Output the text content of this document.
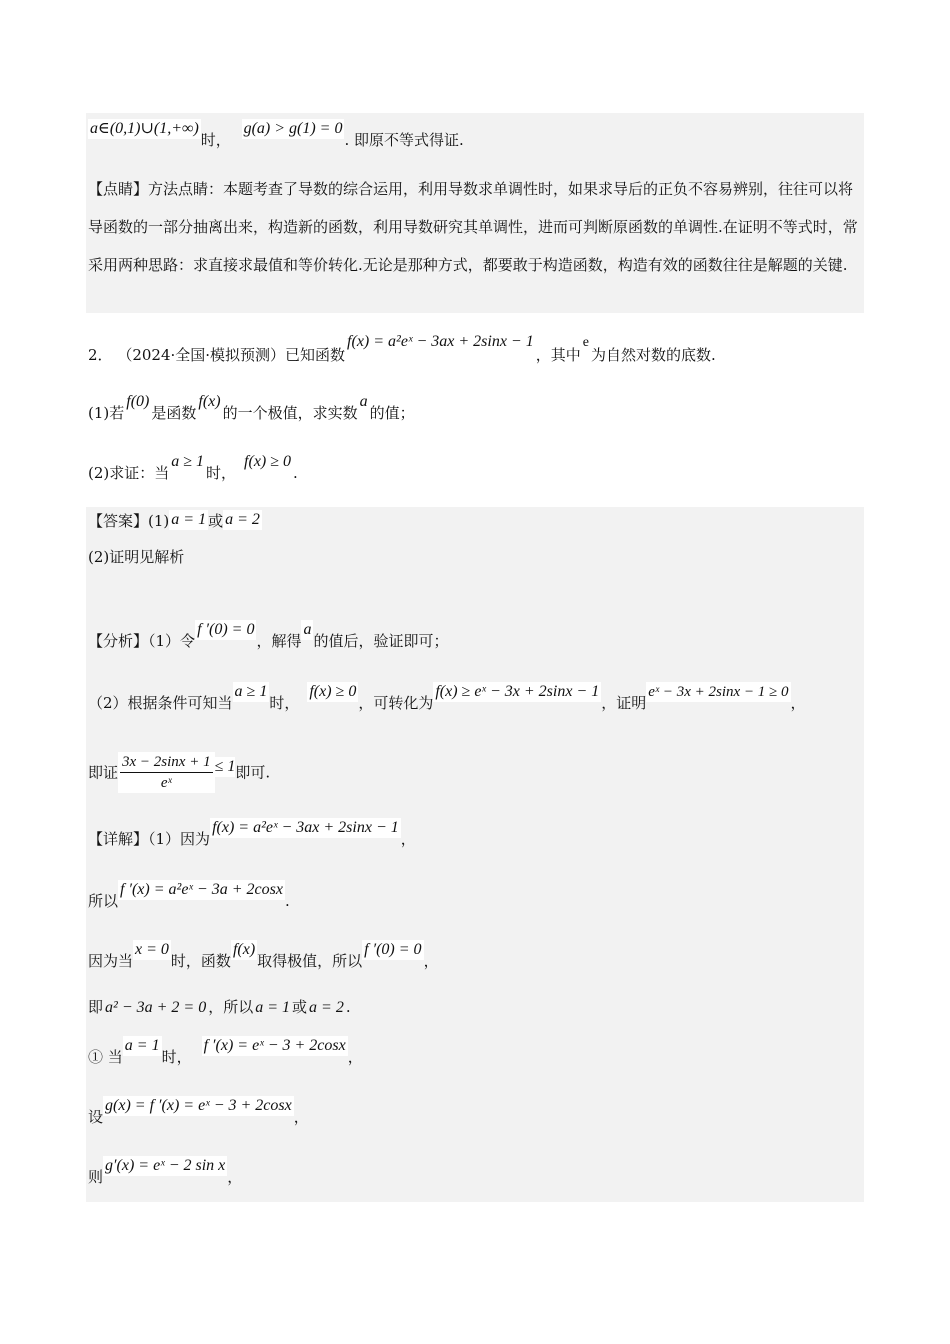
a∈(0,1)∪(1,+∞)时， g(a) > g(1) = 0. 即原不等式得证.
【点睛】方法点睛：本题考查了导数的综合运用，利用导数求单调性时，如果求导后的正负不容易辨别，往往可以将导函数的一部分抽离出来，构造新的函数，利用导数研究其单调性，进而可判断原函数的单调性.在证明不等式时，常采用两种思路：求直接求最值和等价转化.无论是那种方式，都要敢于构造函数，构造有效的函数往往是解题的关键.
2． （2024·全国·模拟预测）已知函数f(x) = a²eˣ − 3ax + 2sinx − 1，其中e为自然对数的底数.
(1)若f(0)是函数f(x)的一个极值，求实数a的值；
(2)求证：当a ≥ 1时，f(x) ≥ 0.
【答案】(1) a = 1 或 a = 2
(2)证明见解析
【分析】（1）令f ′(0) = 0，解得a的值后，验证即可；
（2）根据条件可知当a ≥ 1时，f(x) ≥ 0，可转化为f(x) ≥ eˣ − 3x + 2sinx − 1，证明eˣ − 3x + 2sinx − 1 ≥ 0，
即证 $\frac{3x - 2\sin x + 1}{\text{eˣ}} \le 1$即可.
【详解】（1）因为f(x) = a²eˣ − 3ax + 2sinx − 1，
所以f ′(x) = a²eˣ − 3a + 2cosx.
因为当x = 0时，函数f(x)取得极值，所以f ′(0) = 0，
即 a² − 3a + 2 = 0 ，所以 a = 1 或 a = 2 .
① 当a = 1时，f ′(x) = eˣ − 3 + 2cosx，
设g(x) = f ′(x) = eˣ − 3 + 2cosx，
则g′(x) = eˣ − 2 sin x，
